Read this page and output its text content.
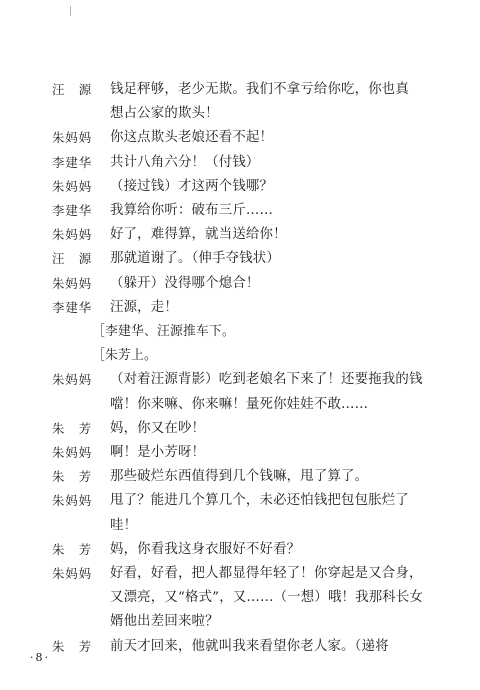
汪　源	钱足秤够，老少无欺。我们不拿亏给你吃，你也真
想占公家的欺头！
朱妈妈	你这点欺头老娘还看不起！
李建华	共计八角六分！（付钱）
朱妈妈	（接过钱）才这两个钱哪？
李建华	我算给你听：破布三斤……
朱妈妈	好了，难得算，就当送给你！
汪　源	那就道谢了。（伸手夺钱状）
朱妈妈	（躲开）没得哪个熄合！
李建华	汪源，走！
［李建华、汪源推车下。
［朱芳上。
朱妈妈	（对着汪源背影）吃到老娘名下来了！还要拖我的钱
噹！你来嘛、你来嘛！量死你娃娃不敢……
朱　芳	妈，你又在吵！
朱妈妈	啊！是小芳呀！
朱　芳	那些破烂东西值得到几个钱嘛，甩了算了。
朱妈妈	甩了？能进几个算几个，未必还怕钱把包包胀烂了
哇！
朱　芳	妈，你看我这身衣服好不好看？
朱妈妈	好看，好看，把人都显得年轻了！你穿起是又合身，
又漂亮，又“格式”，又……（一想）哦！我那科长女
婿他出差回来啦？
朱　芳	前天才回来，他就叫我来看望你老人家。（递将
·8·
